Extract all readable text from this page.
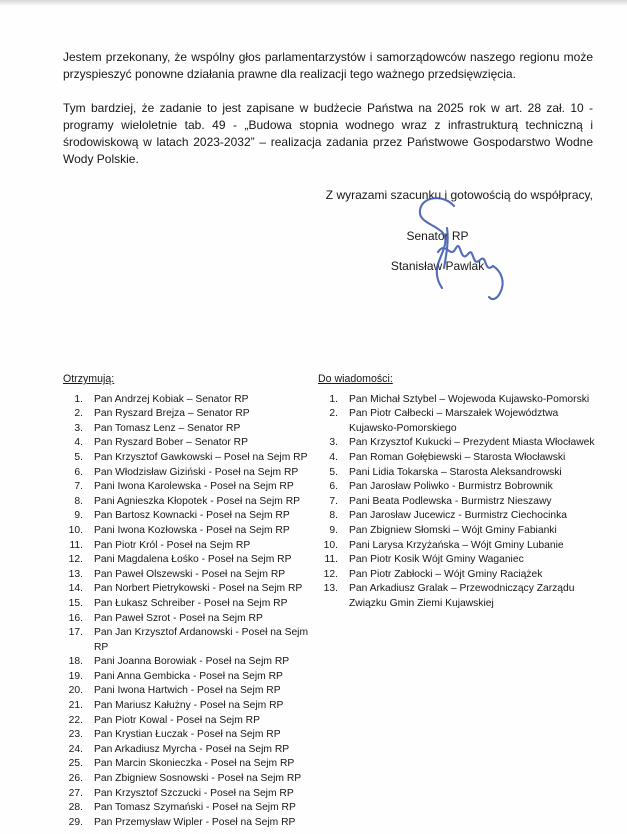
Jestem przekonany, że wspólny głos parlamentarzystów i samorządowców naszego regionu może przyspieszyć ponowne działania prawne dla realizacji tego ważnego przedsięwzięcia.
Tym bardziej, że zadanie to jest zapisane w budżecie Państwa na 2025 rok w art. 28 zał. 10 - programy wieloletnie tab. 49 - „Budowa stopnia wodnego wraz z infrastrukturą techniczną i środowiskową w latach 2023-2032” – realizacja zadania przez Państwowe Gospodarstwo Wodne Wody Polskie.
Z wyrazami szacunku i gotowością do współpracy,
Senator RP
Stanisław Pawlak
Otrzymują:
1. Pan Andrzej Kobiak – Senator RP
2. Pan Ryszard Brejza – Senator RP
3. Pan Tomasz Lenz – Senator RP
4. Pan Ryszard Bober – Senator RP
5. Pan Krzysztof Gawkowski – Poseł na Sejm RP
6. Pan Włodzisław Giziński - Poseł na Sejm RP
7. Pani Iwona Karolewska - Poseł na Sejm RP
8. Pani Agnieszka Kłopotek - Poseł na Sejm RP
9. Pan Bartosz Kownacki - Poseł na Sejm RP
10. Pani Iwona Kozłowska - Poseł na Sejm RP
11. Pan Piotr Król - Poseł na Sejm RP
12. Pani Magdalena Łośko - Poseł na Sejm RP
13. Pan Paweł Olszewski - Poseł na Sejm RP
14. Pan Norbert Pietrykowski - Poseł na Sejm RP
15. Pan Łukasz Schreiber - Poseł na Sejm RP
16. Pan Paweł Szrot - Poseł na Sejm RP
17. Pan Jan Krzysztof Ardanowski - Poseł na Sejm RP
18. Pani Joanna Borowiak - Poseł na Sejm RP
19. Pani Anna Gembicka - Poseł na Sejm RP
20. Pani Iwona Hartwich - Poseł na Sejm RP
21. Pan Mariusz Kałużny - Poseł na Sejm RP
22. Pan Piotr Kowal - Poseł na Sejm RP
23. Pan Krystian Łuczak - Poseł na Sejm RP
24. Pan Arkadiusz Myrcha - Poseł na Sejm RP
25. Pan Marcin Skonieczka - Poseł na Sejm RP
26. Pan Zbigniew Sosnowski - Poseł na Sejm RP
27. Pan Krzysztof Szczucki - Poseł na Sejm RP
28. Pan Tomasz Szymański - Poseł na Sejm RP
29. Pan Przemysław Wipler - Poseł na Sejm RP
Do wiadomości:
1. Pan Michał Sztybel – Wojewoda Kujawsko-Pomorski
2. Pan Piotr Całbecki – Marszałek Województwa Kujawsko-Pomorskiego
3. Pan Krzysztof Kukucki – Prezydent Miasta Włocławek
4. Pan Roman Gołębiewski – Starosta Włocławski
5. Pani Lidia Tokarska – Starosta Aleksandrowski
6. Pan Jarosław Poliwko - Burmistrz Bobrownik
7. Pani Beata Podlewska - Burmistrz Nieszawy
8. Pan Jarosław Jucewicz - Burmistrz Ciechocinka
9. Pan Zbigniew Słomski – Wójt Gminy Fabianki
10. Pani Larysa Krzyżańska – Wójt Gminy Lubanie
11. Pan Piotr Kosik Wójt Gminy Waganiec
12. Pan Piotr Zabłocki – Wójt Gminy Raciążek
13. Pan Arkadiusz Gralak – Przewodniczący Zarządu Związku Gmin Ziemi Kujawskiej
